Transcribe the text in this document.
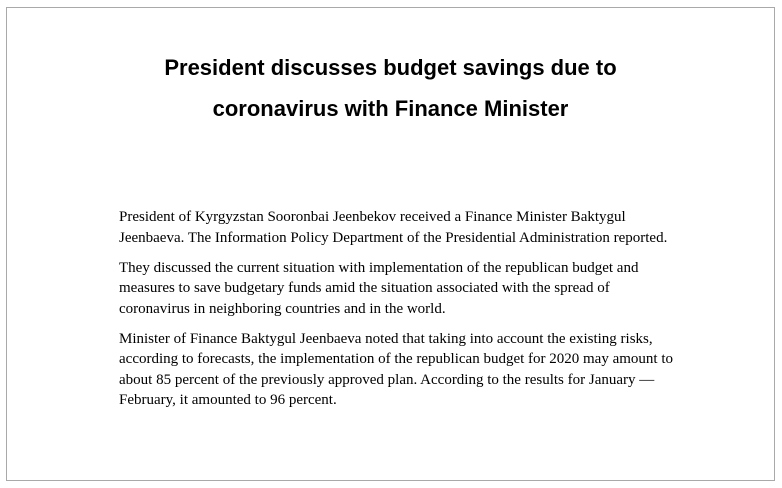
President discusses budget savings due to
coronavirus with Finance Minister

President of Kyrgyzstan Sooronbai Jeenbekov received a Finance Minister Baktygul Jeenbaeva. The Information Policy Department of the Presidential Administration reported.

They discussed the current situation with implementation of the republican budget and measures to save budgetary funds amid the situation associated with the spread of coronavirus in neighboring countries and in the world.

Minister of Finance Baktygul Jeenbaeva noted that taking into account the existing risks, according to forecasts, the implementation of the republican budget for 2020 may amount to about 85 percent of the previously approved plan. According to the results for January — February, it amounted to 96 percent.
